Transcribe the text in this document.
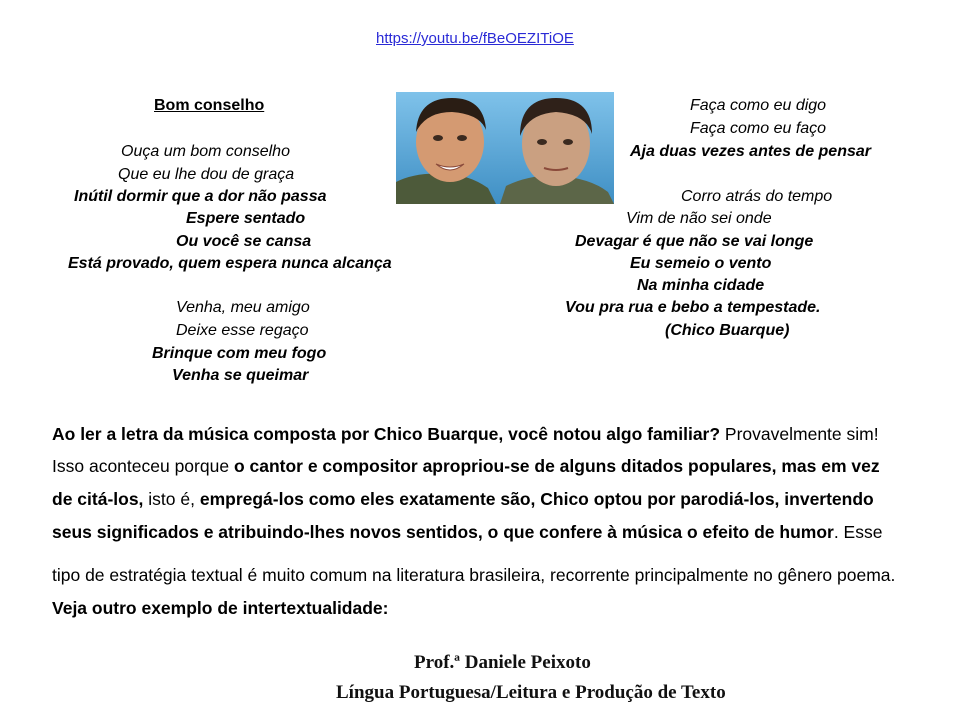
https://youtu.be/fBeOEZITiOE
Bom conselho
Ouça um bom conselho
Que eu lhe dou de graça
Inútil dormir que a dor não passa
Espere sentado
Ou você se cansa
Está provado, quem espera nunca alcança
Venha, meu amigo
Deixe esse regaço
Brinque com meu fogo
Venha se queimar
Faça como eu digo
Faça como eu faço
Aja duas vezes antes de pensar
Corro atrás do tempo
Vim de não sei onde
Devagar é que não se vai longe
Eu semeio o vento
Na minha cidade
Vou pra rua e bebo a tempestade.
(Chico Buarque)
Ao ler a letra da música composta por Chico Buarque, você notou algo familiar? Provavelmente sim!
Isso aconteceu porque o cantor e compositor apropriou-se de alguns ditados populares, mas em vez
de citá-los, isto é, empregá-los como eles exatamente são, Chico optou por parodiá-los, invertendo
seus significados e atribuindo-lhes novos sentidos, o que confere à música o efeito de humor. Esse
tipo de estratégia textual é muito comum na literatura brasileira, recorrente principalmente no gênero poema.
Veja outro exemplo de intertextualidade:
Prof.ª Daniele Peixoto
Língua Portuguesa/Leitura e Produção de Texto
